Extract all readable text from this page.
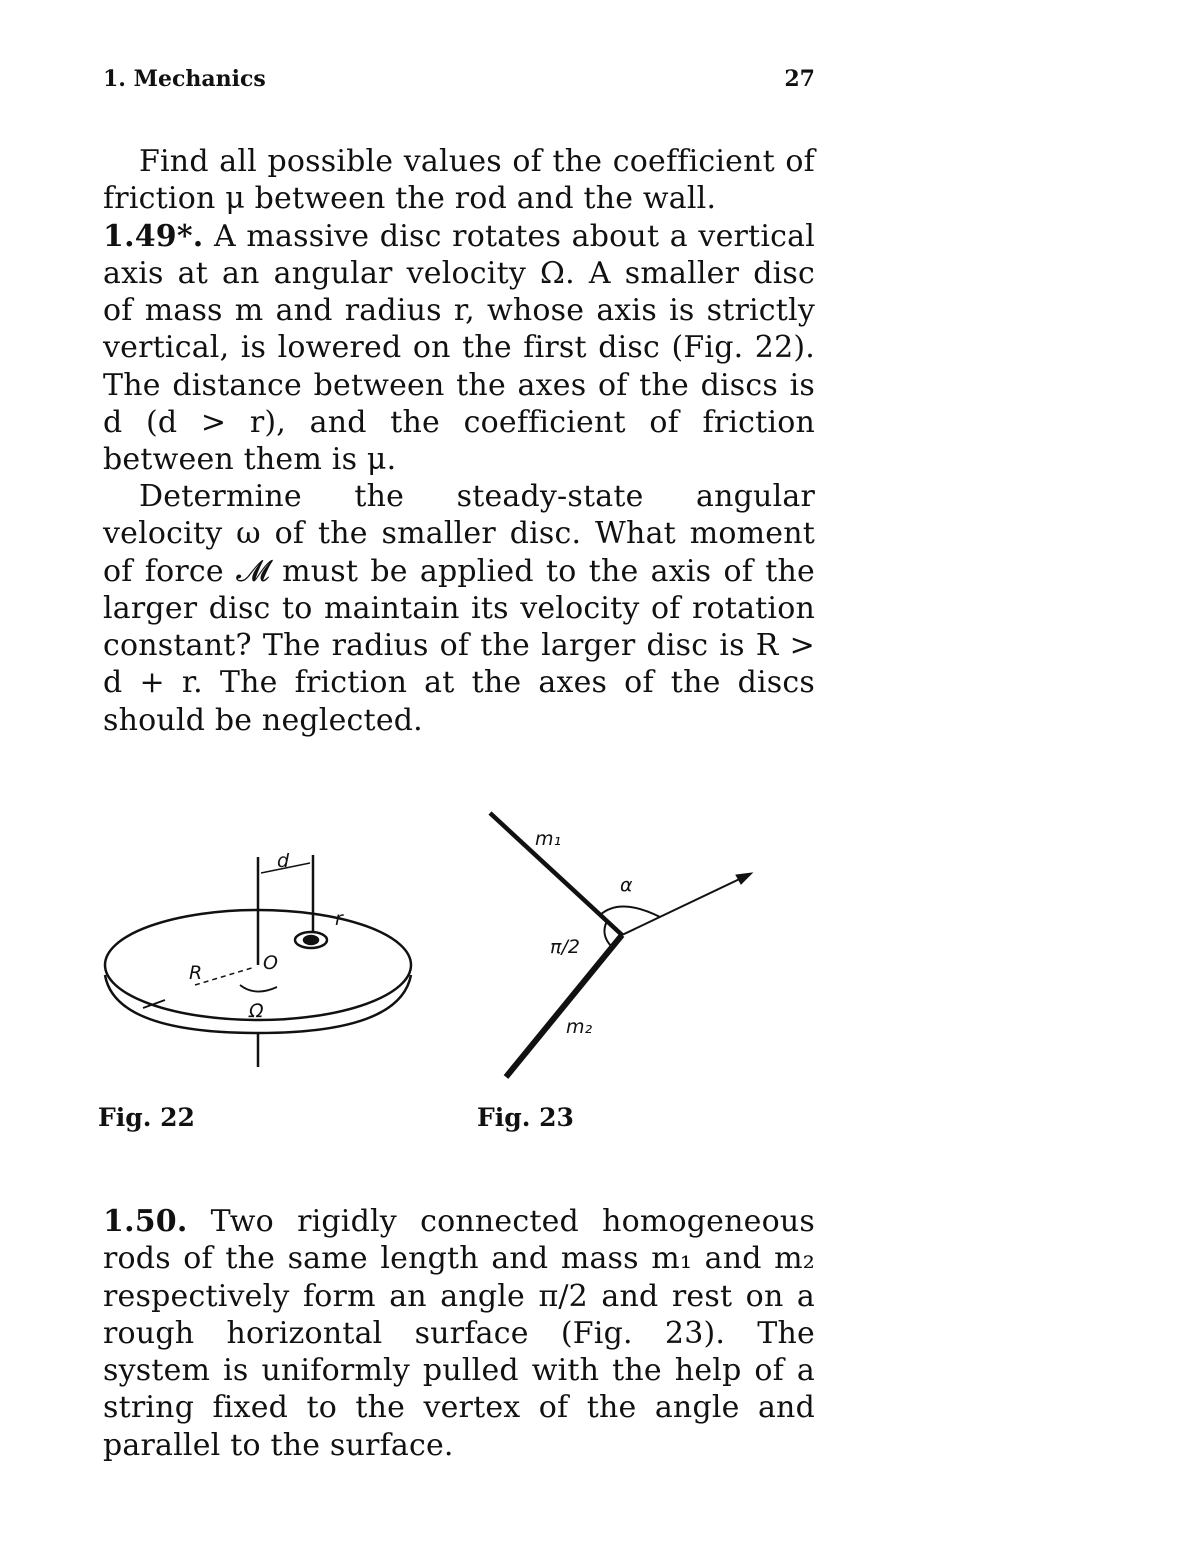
1. Mechanics	27
Find all possible values of the coefficient of friction μ between the rod and the wall.
1.49*. A massive disc rotates about a vertical axis at an angular velocity Ω. A smaller disc of mass m and radius r, whose axis is strictly vertical, is lowered on the first disc (Fig. 22). The distance between the axes of the discs is d (d > r), and the coefficient of friction between them is μ.
Determine the steady-state angular velocity ω of the smaller disc. What moment of force 𝓜 must be applied to the axis of the larger disc to maintain its velocity of rotation constant? The radius of the larger disc is R > d + r. The friction at the axes of the discs should be neglected.
d
r
R	O
Ω
m₁
α
π/2
m₂
Fig. 22	Fig. 23
1.50. Two rigidly connected homogeneous rods of the same length and mass m₁ and m₂ respectively form an angle π/2 and rest on a rough horizontal surface (Fig. 23). The system is uniformly pulled with the help of a string fixed to the vertex of the angle and parallel to the surface.
